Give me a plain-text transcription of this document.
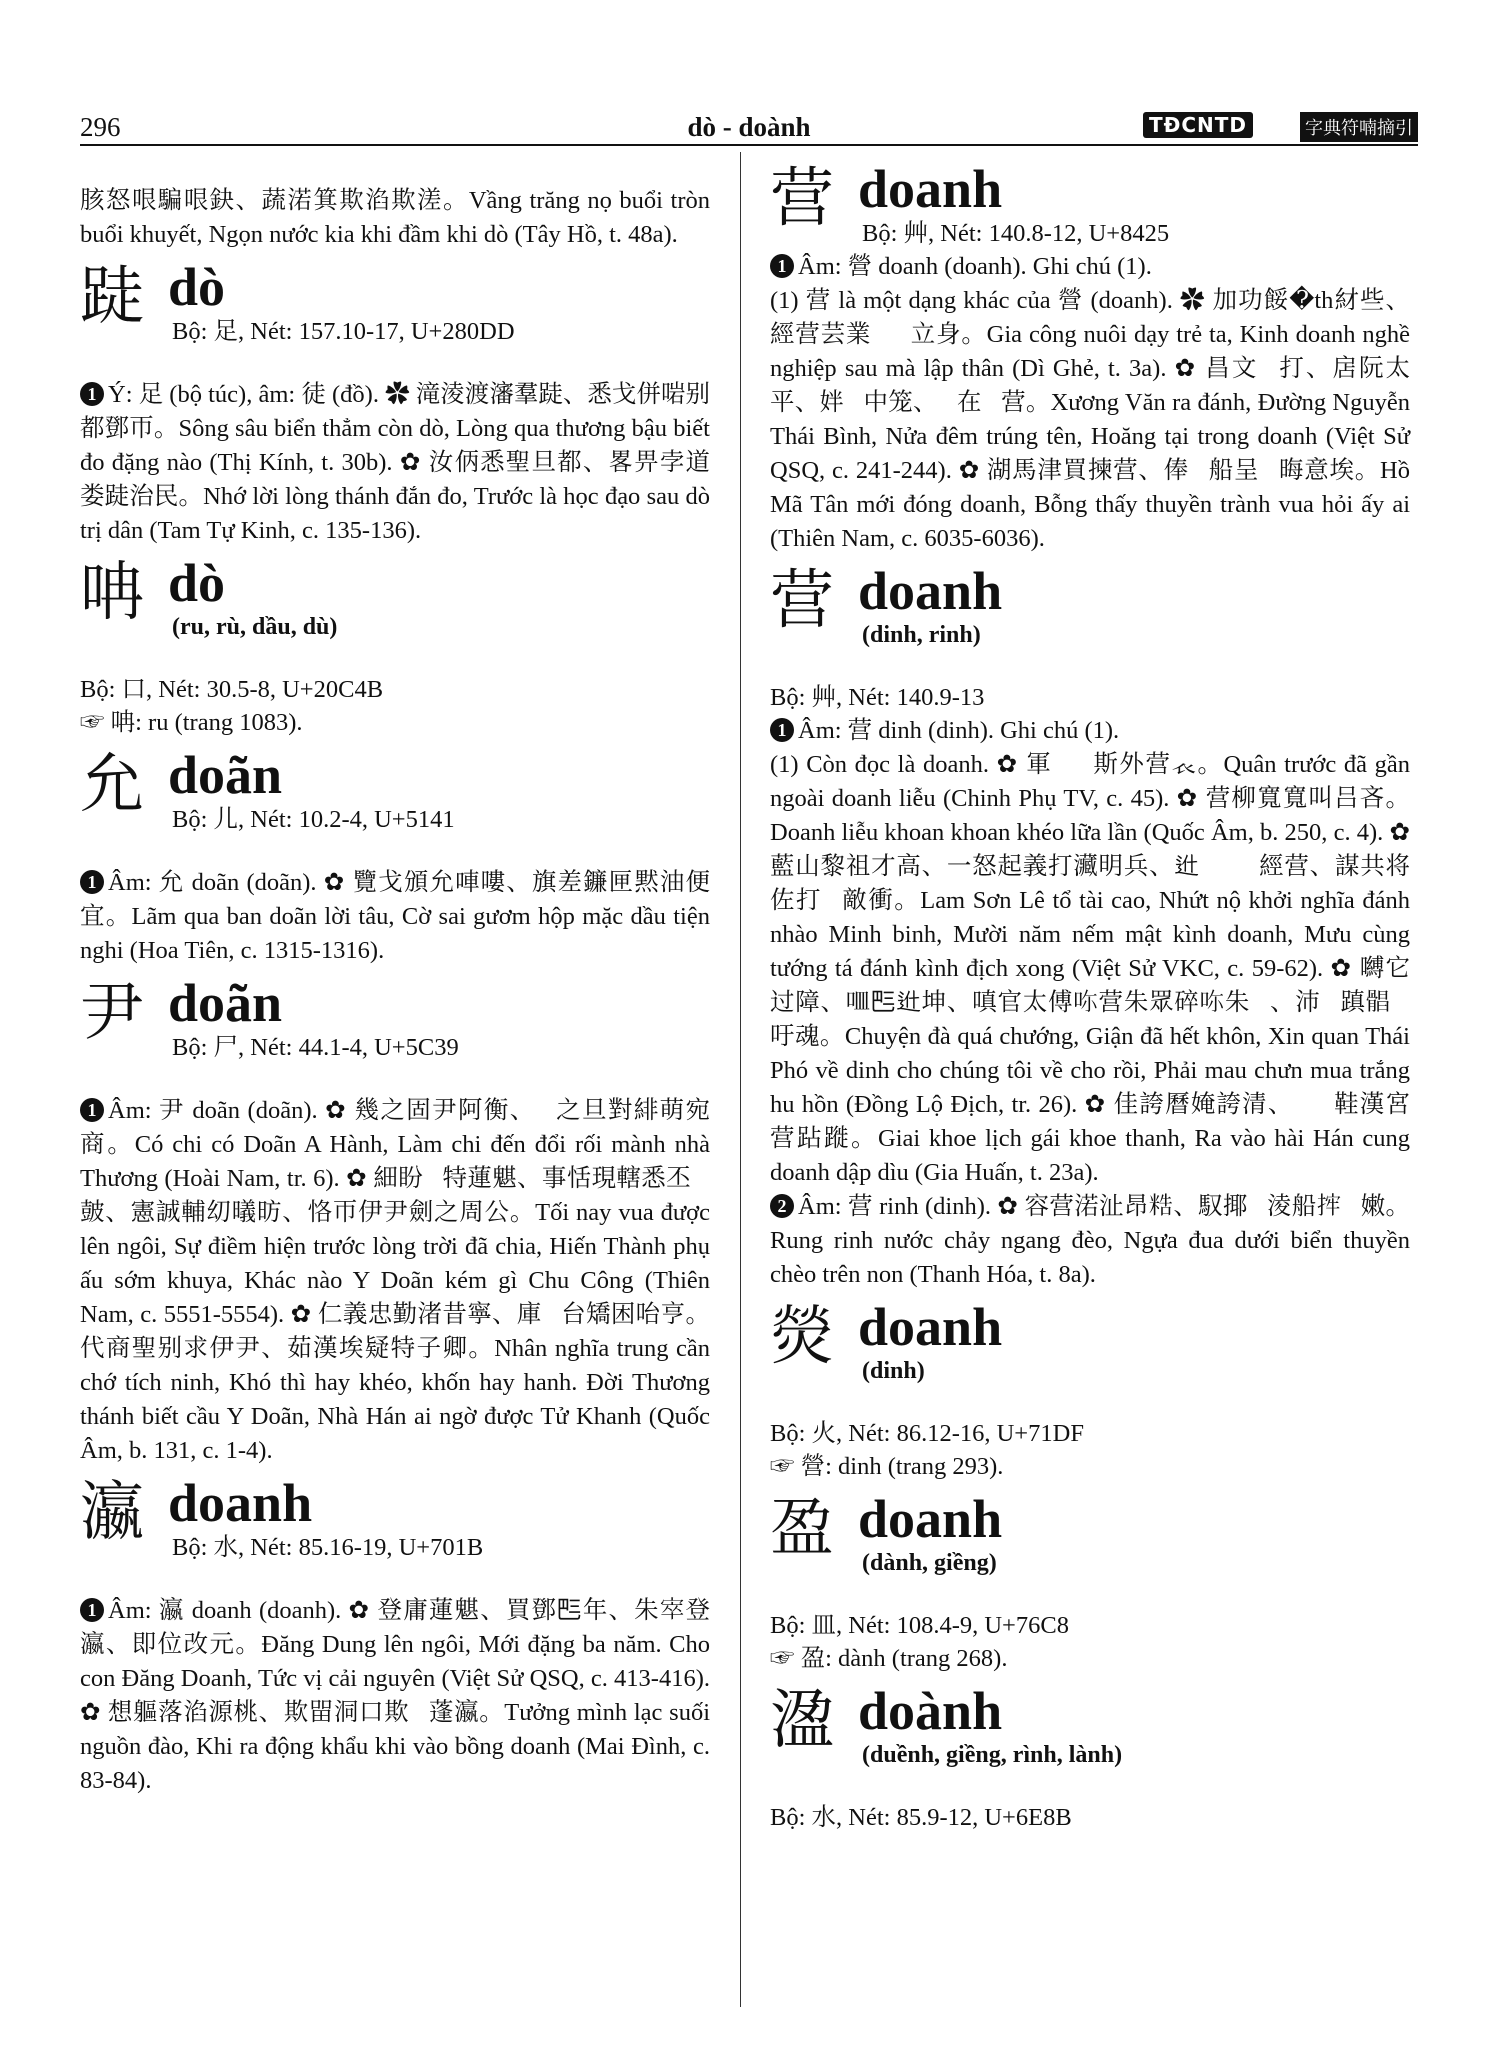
296	dò - doành	TĐCNTD	字典符喃摘引

胲怒哏騙哏鈌、蔬渃箕欺淊欺溠。Vầng trăng nọ buổi tròn buổi khuyết, Ngọn nước kia khi đầm khi dò (Tây Hồ, t. 48a).

跿 dò
Bộ: 足, Nét: 157.10-17, U+280DD

1 Ý: 足 (bộ túc), âm: 徒 (đồ). ✿ 滝淩渡瀋羣跿、悉戈併啱别都鄧帀。Sông sâu biển thẳm còn dò, Lòng qua thương bậu biết đo đặng nào (Thị Kính, t. 30b). ✿ 汝㑂悉聖旦都、畧畀孛道娄跿治民。Nhớ lời lòng thánh đắn đo, Trước là học đạo sau dò trị dân (Tam Tự Kinh, c. 135-136).

呥 dò
(ru, rù, dầu, dù)
Bộ: 口, Nét: 30.5-8, U+20C4B

☞ 呥: ru (trang 1083).

允 doãn
Bộ: 儿, Nét: 10.2-4, U+5141

1 Âm: 允 doãn (doãn). ✿ 覽戈頒允唓嘍、旗差鐮匣黙油便宜。Lãm qua ban doãn lời tâu, Cờ sai gươm hộp mặc dầu tiện nghi (Hoa Tiên, c. 1315-1316).

尹 doãn
Bộ: 尸, Nét: 44.1-4, U+5C39

1 Âm: 尹 doãn (doãn). ✿ 幾之固尹阿衡、𡗶之旦對緋萌宛商。Có chi có Doãn A Hành, Làm chi đến đổi rối mành nhà Thương (Hoài Nam, tr. 6). ✿ 細盼𥹰特蓮魌、事恬現轄悉丕𠀧皷、憲誠輔㓜㬢昉、恪帀伊尹劍之周公。Tối nay vua được lên ngôi, Sự điềm hiện trước lòng trời đã chia, Hiến Thành phụ ấu sớm khuya, Khác nào Y Doãn kém gì Chu Công (Thiên Nam, c. 5551-5554). ✿ 仁義忠勤渚昔寧、庫𣃣台矯困咍亨。代商聖别求伊尹、茹漢埃疑特子卿。Nhân nghĩa trung cần chớ tích ninh, Khó thì hay khéo, khốn hay hanh. Đời Thương thánh biết cầu Y Doãn, Nhà Hán ai ngờ được Tử Khanh (Quốc Âm, b. 131, c. 1-4).

瀛 doanh
Bộ: 水, Nét: 85.16-19, U+701B

1 Âm: 瀛 doanh (doanh). ✿ 登庸蓮魌、買鄧𠀧年、朱𡨧登瀛、即位改元。Đăng Dung lên ngôi, Mới đặng ba năm. Cho con Đăng Doanh, Tức vị cải nguyên (Việt Sử QSQ, c. 413-416). ✿ 想軀落淊源桃、欺㽞洞口欺𠓨蓬瀛。Tưởng mình lạc suối nguồn đào, Khi ra động khẩu khi vào bồng doanh (Mai Đình, c. 83-84).

营 doanh
Bộ: 艸, Nét: 140.8-12, U+8425

1 Âm: 營 doanh (doanh). Ghi chú (1).

(1) 营 là một dạng khác của 營 (doanh). ✿ 加功餒�th䊷些、經营芸業𣎀𪾺立身。Gia công nuôi dạy trẻ ta, Kinh doanh nghề nghiệp sau mà lập thân (Dì Ghẻ, t. 3a). ✿ 昌文𩈘打、扂阮太平、姅𦚖中笼、𧈩在𨖲营。Xương Văn ra đánh, Đường Nguyễn Thái Bình, Nửa đêm trúng tên, Hoăng tại trong doanh (Việt Sử QSQ, c. 241-244). ✿ 湖馬津買揀营、俸𧡊船呈𢘾晦意埃。Hồ Mã Tân mới đóng doanh, Bỗng thấy thuyền trành vua hỏi ấy ai (Thiên Nam, c. 6035-6036).

营 doanh
(dinh, rinh)
Bộ: 艸, Nét: 140.9-13

1 Âm: 营 dinh (dinh). Ghi chú (1).

(1) Còn đọc là doanh. ✿ 軍𦤾𠀧斯外营𧘇。Quân trước đã gần ngoài doanh liễu (Chinh Phụ TV, c. 45). ✿ 营柳寬寬叫吕吝。Doanh liễu khoan khoan khéo lữa lần (Quốc Âm, b. 250, c. 4). ✿ 藍山黎祖才高、一怒起義打㶓明兵、𨑮𢆥𦕅𦢳經营、謀共将佐打𠠩敵衝。Lam Sơn Lê tổ tài cao, Nhứt nộ khởi nghĩa đánh nhào Minh binh, Mười năm nếm mật kình doanh, Mưu cùng tướng tá đánh kình địch xong (Việt Sử VKC, c. 59-62). ✿ 嚩它过障、𠰘𠀧𨑮坤、嗔官太傅𠰚营朱眾碎𠰚朱𣈕、沛𧺀蹎𩩫𦖻吁魂。Chuyện đà quá chướng, Giận đã hết khôn, Xin quan Thái Phó về dinh cho chúng tôi về cho rồi, Phải mau chưn mua trắng hu hồn (Đồng Lộ Địch, tr. 26). ✿ 佳誇曆㛪誇清、𠚢𠓨鞋漢宮营跕蹝。Giai khoe lịch gái khoe thanh, Ra vào hài Hán cung doanh dập dìu (Gia Huấn, t. 23a).

2 Âm: 营 rinh (dinh). ✿ 容营渃沚昂𥺊、馭揶𠚢淩船𢭂𨖲嫩。Rung rinh nước chảy ngang đèo, Ngựa đua dưới biển thuyền chèo trên non (Thanh Hóa, t. 8a).

熒 doanh
(dinh)
Bộ: 火, Nét: 86.12-16, U+71DF

☞ 營: dinh (trang 293).

盈 doanh
(dành, giềng)
Bộ: 皿, Nét: 108.4-9, U+76C8

☞ 盈: dành (trang 268).

溋 doành
(duềnh, giềng, rình, lành)
Bộ: 水, Nét: 85.9-12, U+6E8B
